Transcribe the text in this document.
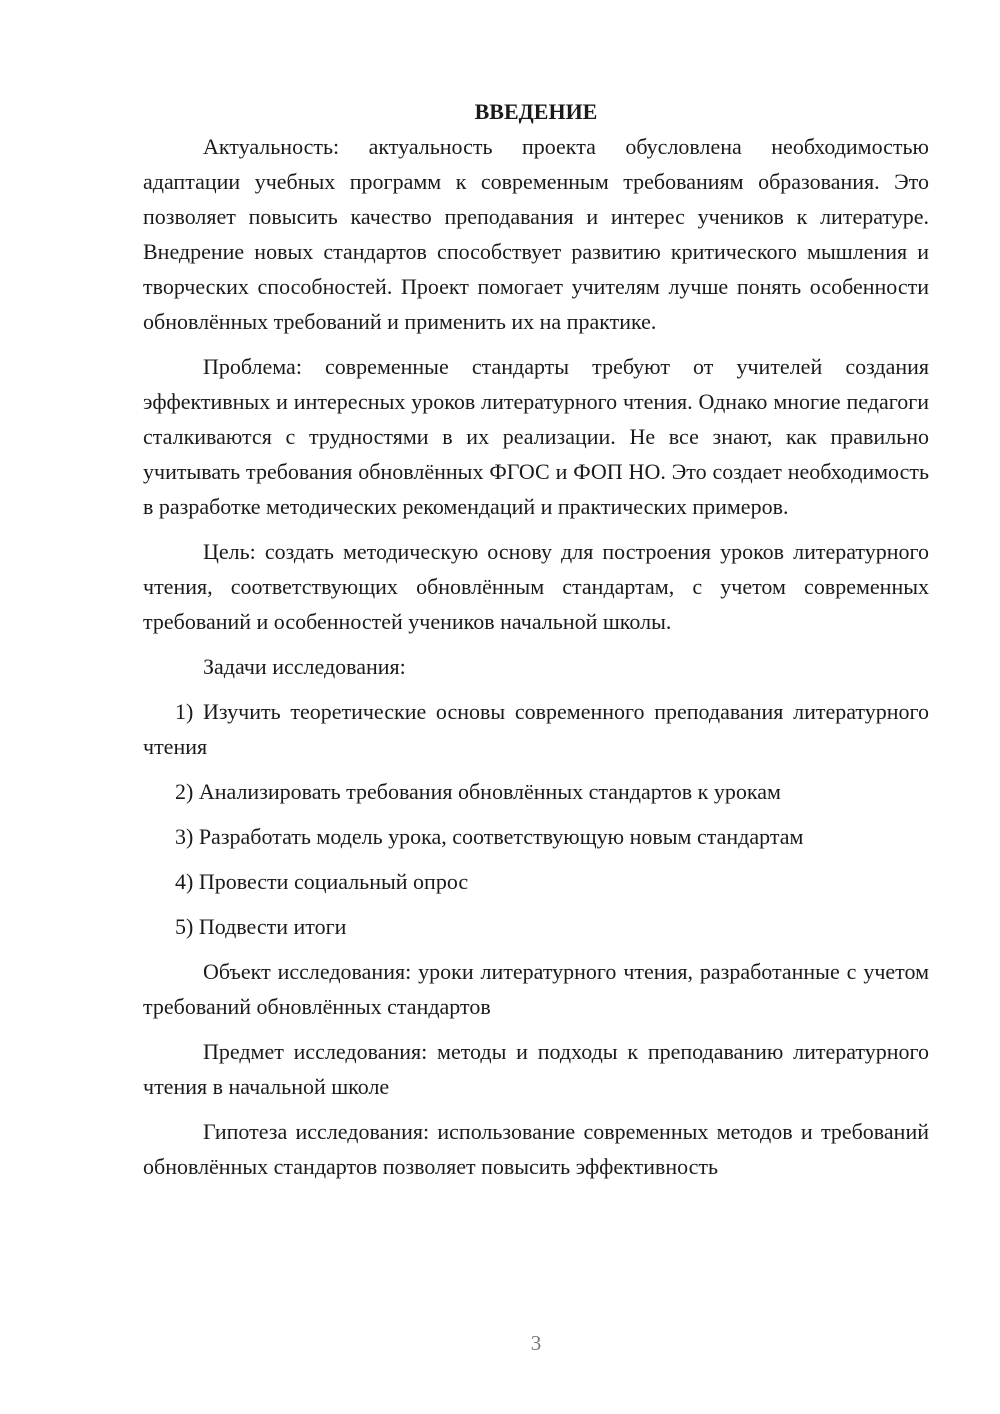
ВВЕДЕНИЕ

Актуальность: актуальность проекта обусловлена необходимостью адаптации учебных программ к современным требованиям образования. Это позволяет повысить качество преподавания и интерес учеников к литературе. Внедрение новых стандартов способствует развитию критического мышления и творческих способностей. Проект помогает учителям лучше понять особенности обновлённых требований и применить их на практике.

Проблема: современные стандарты требуют от учителей создания эффективных и интересных уроков литературного чтения. Однако многие педагоги сталкиваются с трудностями в их реализации. Не все знают, как правильно учитывать требования обновлённых ФГОС и ФОП НО. Это создает необходимость в разработке методических рекомендаций и практических примеров.

Цель: создать методическую основу для построения уроков литературного чтения, соответствующих обновлённым стандартам, с учетом современных требований и особенностей учеников начальной школы.

Задачи исследования:

1) Изучить теоретические основы современного преподавания литературного чтения

2) Анализировать требования обновлённых стандартов к урокам

3) Разработать модель урока, соответствующую новым стандартам

4) Провести социальный опрос

5) Подвести итоги

Объект исследования: уроки литературного чтения, разработанные с учетом требований обновлённых стандартов

Предмет исследования: методы и подходы к преподаванию литературного чтения в начальной школе

Гипотеза исследования: использование современных методов и требований обновлённых стандартов позволяет повысить эффективность

3
